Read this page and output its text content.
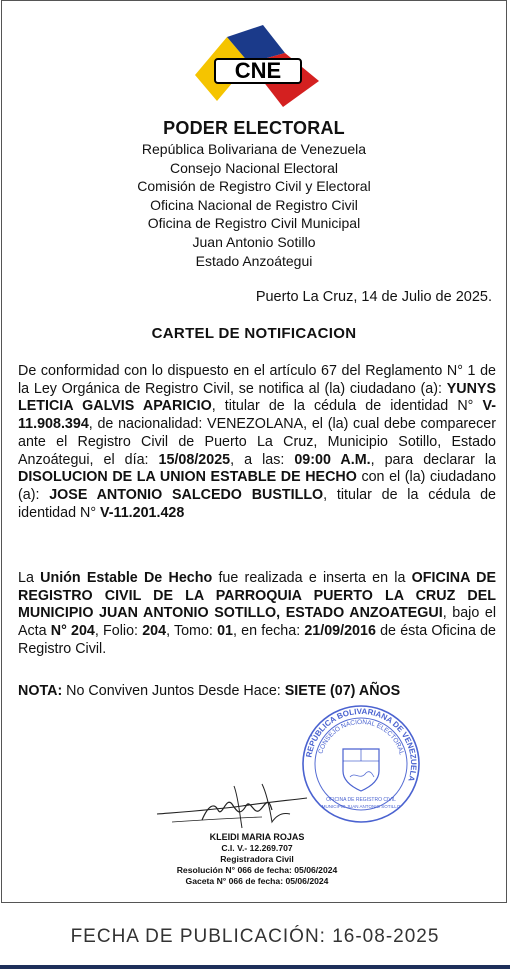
CNE
PODER ELECTORAL
República Bolivariana de Venezuela
Consejo Nacional Electoral
Comisión de Registro Civil y Electoral
Oficina Nacional de Registro Civil
Oficina de Registro Civil Municipal
Juan Antonio Sotillo
Estado Anzoátegui
Puerto La Cruz, 14 de Julio de 2025.
CARTEL DE NOTIFICACION
De conformidad con lo dispuesto en el artículo 67 del Reglamento N° 1 de la Ley Orgánica de Registro Civil, se notifica al (la) ciudadano (a): YUNYS LETICIA GALVIS APARICIO, titular de la cédula de identidad N° V-11.908.394, de nacionalidad: VENEZOLANA, el (la) cual debe comparecer ante el Registro Civil de Puerto La Cruz, Municipio Sotillo, Estado Anzoátegui, el día: 15/08/2025, a las: 09:00 A.M., para declarar la DISOLUCION DE LA UNION ESTABLE DE HECHO con el (la) ciudadano (a): JOSE ANTONIO SALCEDO BUSTILLO, titular de la cédula de identidad N° V-11.201.428
La Unión Estable De Hecho fue realizada e inserta en la OFICINA DE REGISTRO CIVIL DE LA PARROQUIA PUERTO LA CRUZ DEL MUNICIPIO JUAN ANTONIO SOTILLO, ESTADO ANZOATEGUI, bajo el Acta N° 204, Folio: 204, Tomo: 01, en fecha: 21/09/2016 de ésta Oficina de Registro Civil.
NOTA: No Conviven Juntos Desde Hace: SIETE (07) AÑOS
REPÚBLICA BOLIVARIANA DE VENEZUELA
CONSEJO NACIONAL ELECTORAL
OFICINA DE REGISTRO CIVIL
MUNICIPIO JUAN ANTONIO SOTILLO
KLEIDI MARIA ROJAS
C.I. V.- 12.269.707
Registradora Civil
Resolución N° 066 de fecha: 05/06/2024
Gaceta N° 066 de fecha: 05/06/2024
FECHA DE PUBLICACIÓN: 16-08-2025
